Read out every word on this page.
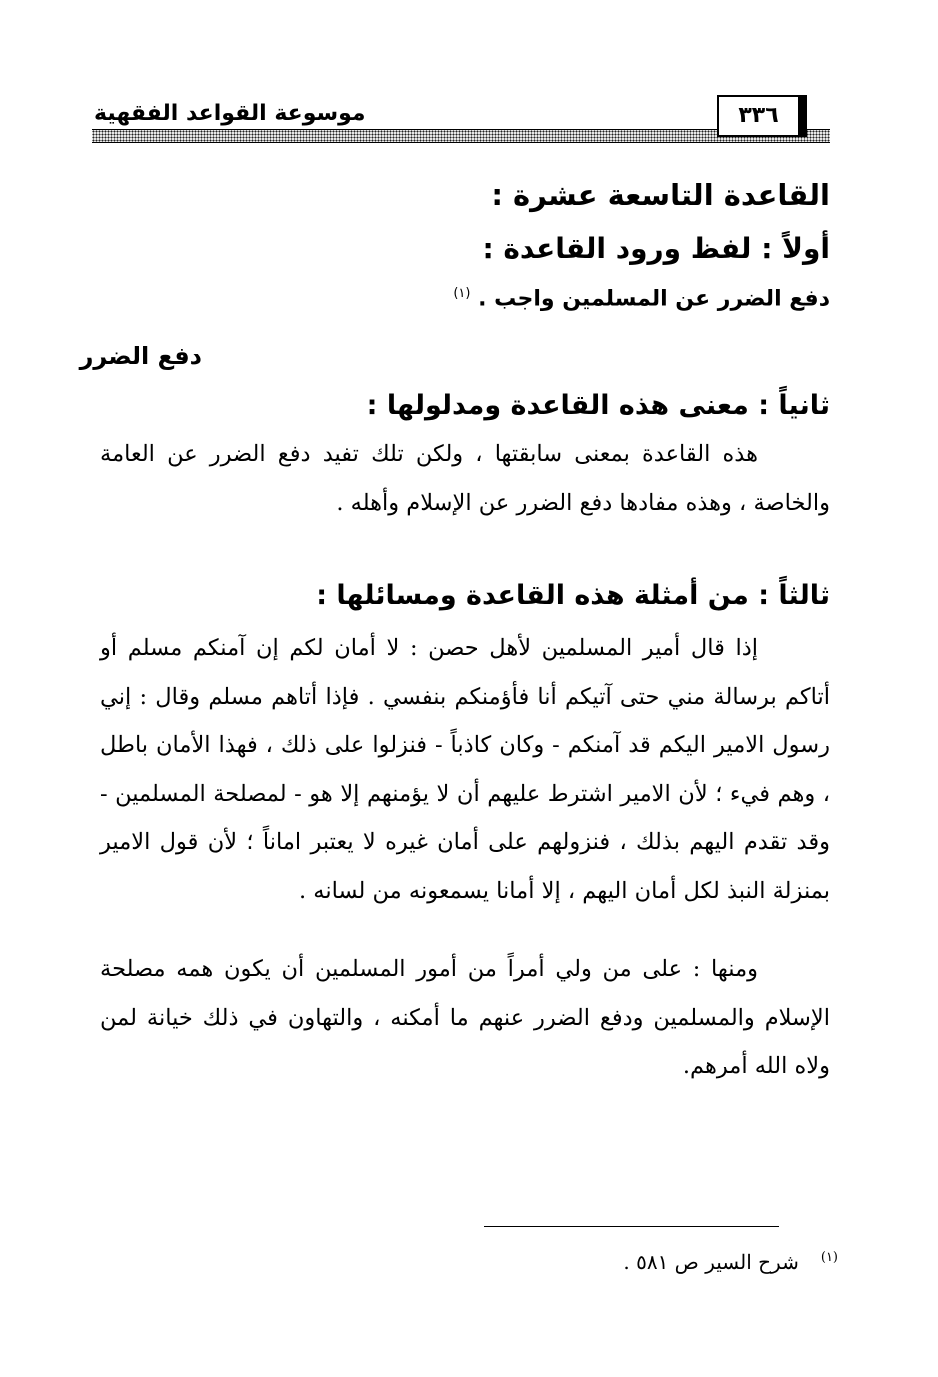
موسوعة القواعد الفقهية	٣٣٦
القاعدة التاسعة عشرة :
أولاً : لفظ ورود القاعدة :
دفع الضرر عن المسلمين واجب . $^{(١)}$
دفع الضرر
ثانياً : معنى هذه القاعدة ومدلولها :
هذه القاعدة بمعنى سابقتها ، ولكن تلك تفيد دفع الضرر عن العامة والخاصة ، وهذه مفادها دفع الضرر عن الإسلام وأهله .
ثالثاً : من أمثلة هذه القاعدة ومسائلها :
إذا قال أمير المسلمين لأهل حصن : لا أمان لكم إن آمنكم مسلم أو أتاكم برسالة مني حتى آتيكم أنا فأؤمنكم بنفسي . فإذا أتاهم مسلم وقال : إني رسول الامير اليكم قد آمنكم - وكان كاذباً - فنزلوا على ذلك ، فهذا الأمان باطل ، وهم فيء ؛ لأن الامير اشترط عليهم أن لا يؤمنهم إلا هو - لمصلحة المسلمين - وقد تقدم اليهم بذلك ، فنزولهم على أمان غيره لا يعتبر اماناً ؛ لأن قول الامير بمنزلة النبذ لكل أمان اليهم ، إلا أمانا يسمعونه من لسانه .
ومنها : على من ولي أمراً من أمور المسلمين أن يكون همه مصلحة الإسلام والمسلمين ودفع الضرر عنهم ما أمكنه ، والتهاون في ذلك خيانة لمن ولاه الله أمرهم.
$^{(١)}$شرح السير ص ٥٨١ .
